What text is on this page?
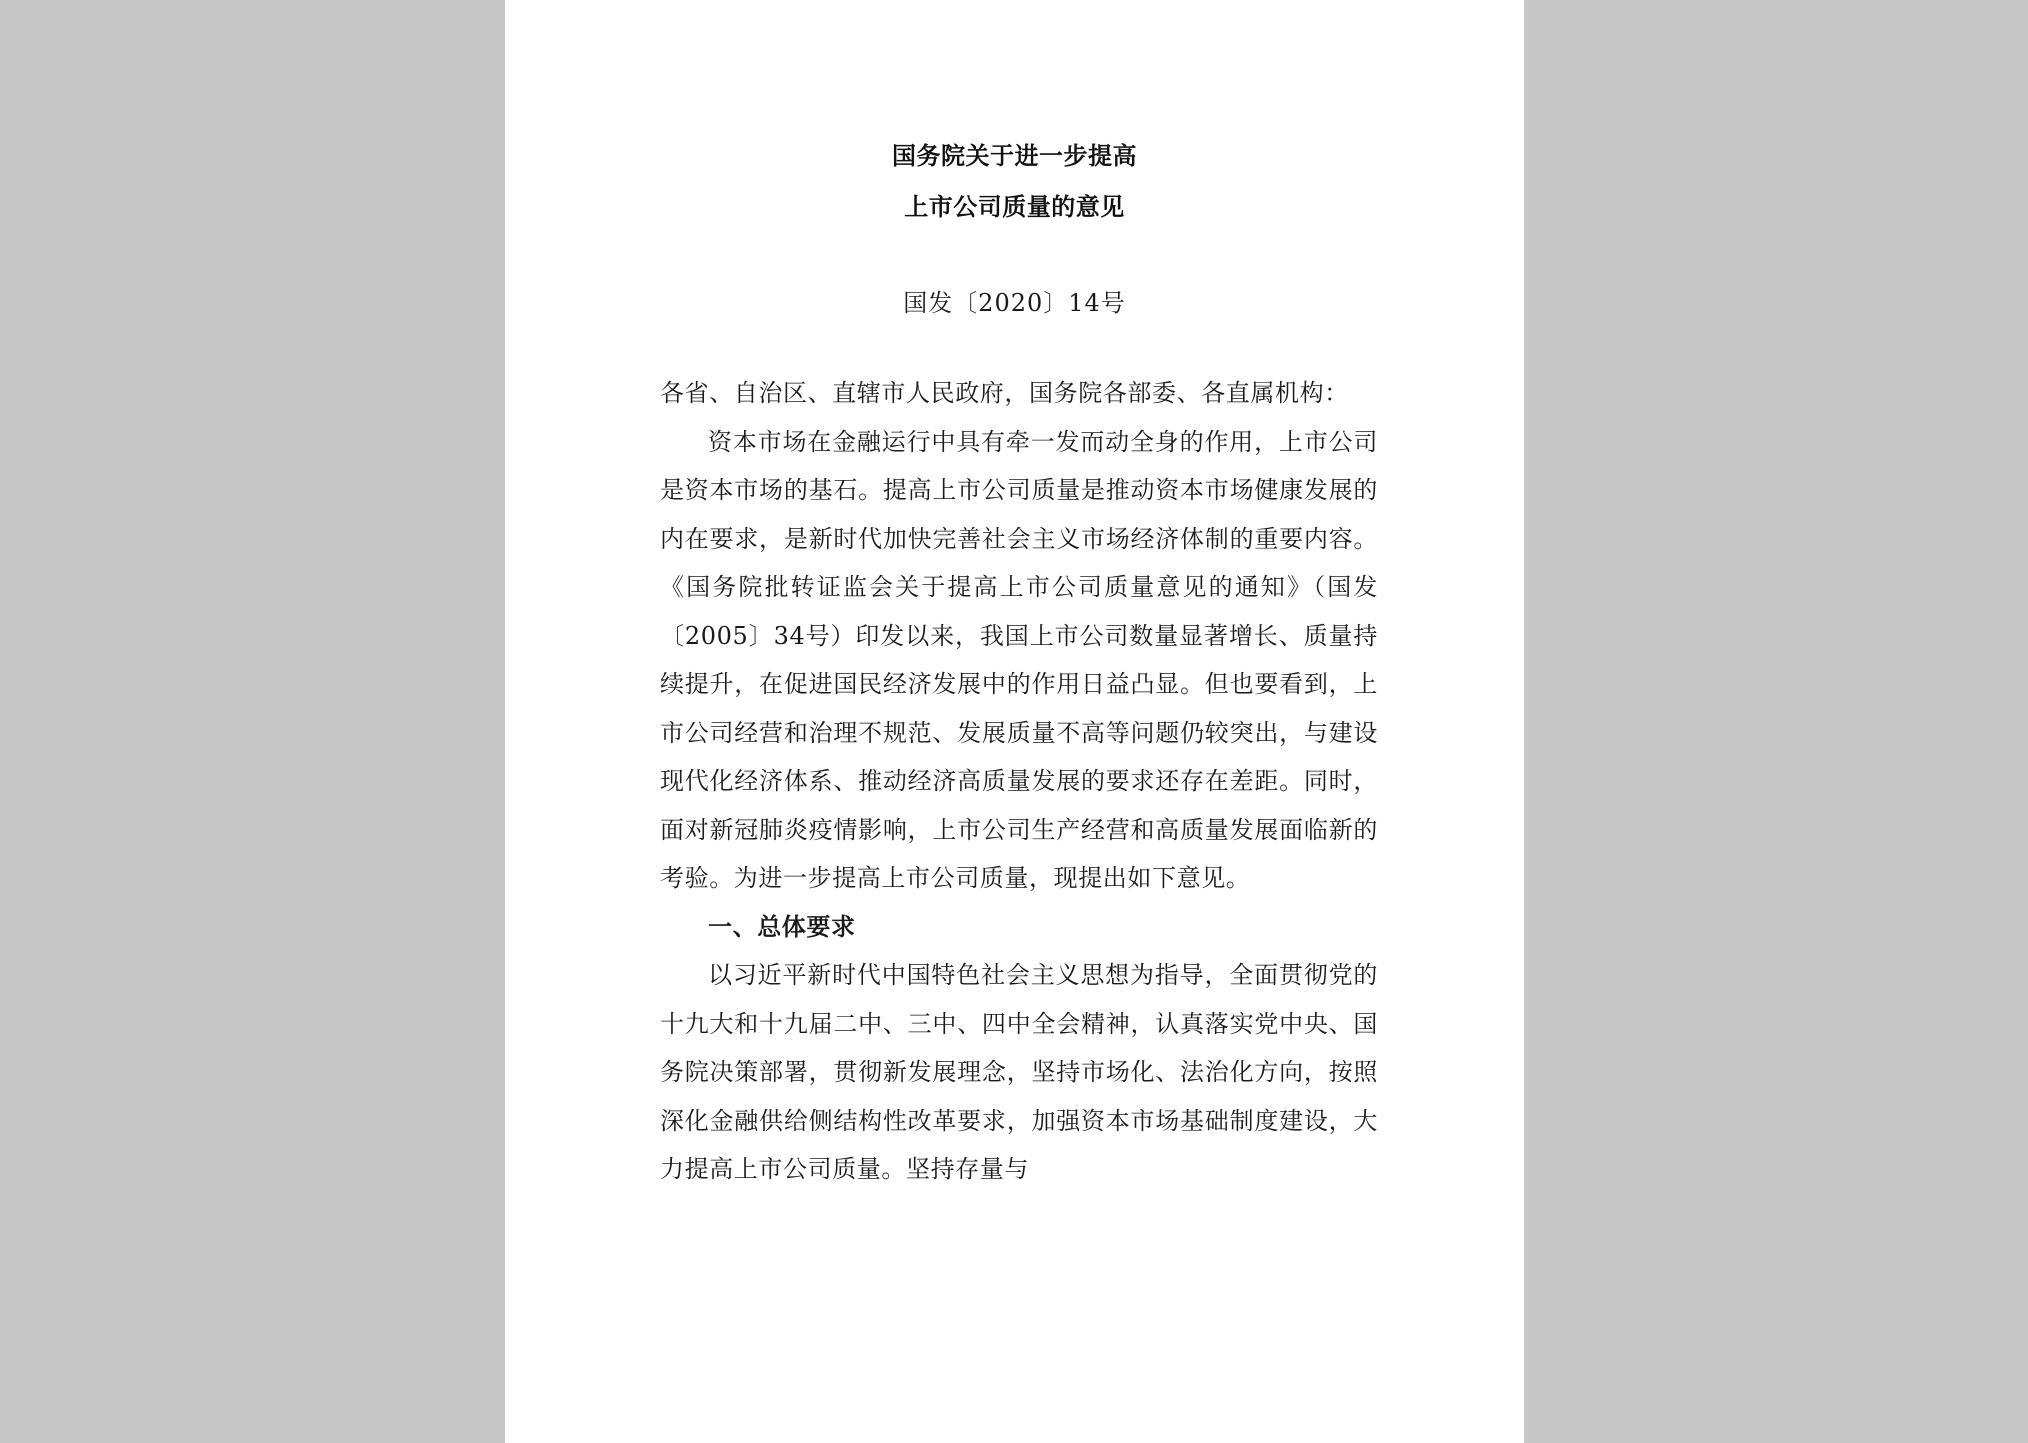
国务院关于进一步提高
上市公司质量的意见
国发〔2020〕14号

各省、自治区、直辖市人民政府，国务院各部委、各直属机构：

资本市场在金融运行中具有牵一发而动全身的作用，上市公司是资本市场的基石。提高上市公司质量是推动资本市场健康发展的内在要求，是新时代加快完善社会主义市场经济体制的重要内容。《国务院批转证监会关于提高上市公司质量意见的通知》（国发〔2005〕34号）印发以来，我国上市公司数量显著增长、质量持续提升，在促进国民经济发展中的作用日益凸显。但也要看到，上市公司经营和治理不规范、发展质量不高等问题仍较突出，与建设现代化经济体系、推动经济高质量发展的要求还存在差距。同时，面对新冠肺炎疫情影响，上市公司生产经营和高质量发展面临新的考验。为进一步提高上市公司质量，现提出如下意见。

一、总体要求

以习近平新时代中国特色社会主义思想为指导，全面贯彻党的十九大和十九届二中、三中、四中全会精神，认真落实党中央、国务院决策部署，贯彻新发展理念，坚持市场化、法治化方向，按照深化金融供给侧结构性改革要求，加强资本市场基础制度建设，大力提高上市公司质量。坚持存量与
